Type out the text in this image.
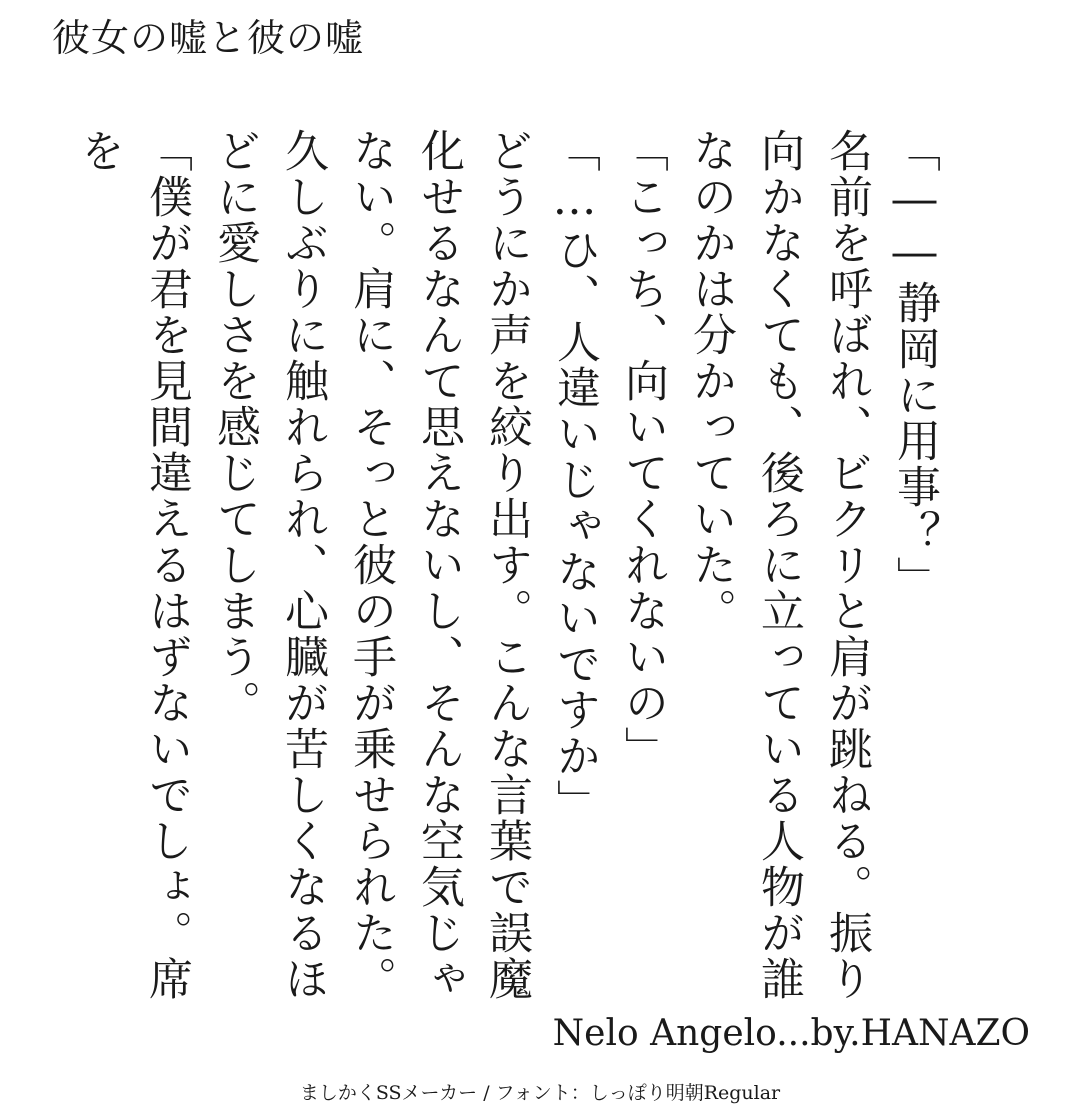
彼女の嘘と彼の嘘

「――静岡に用事？」

名前を呼ばれ、ビクリと肩が跳ねる。振り向かなくても、後ろに立っている人物が誰なのかは分かっていた。

「こっち、向いてくれないの」

「…ひ、人違いじゃないですか」

どうにか声を絞り出す。こんな言葉で誤魔化せるなんて思えないし、そんな空気じゃない。肩に、そっと彼の手が乗せられた。久しぶりに触れられ、心臓が苦しくなるほどに愛しさを感じてしまう。

「僕が君を見間違えるはずないでしょ。席を

Nelo Angelo...by.HANAZO
ましかくSSメーカー / フォント：しっぽり明朝Regular
